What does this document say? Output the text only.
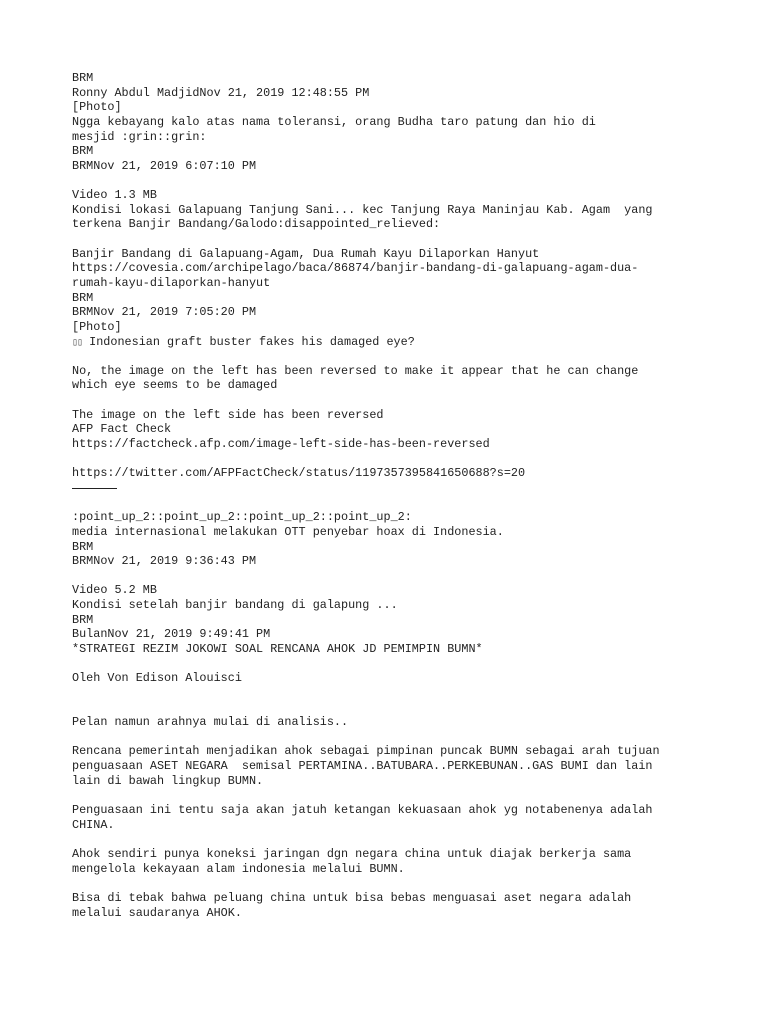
BRM
Ronny Abdul MadjidNov 21, 2019 12:48:55 PM
[Photo]
Ngga kebayang kalo atas nama toleransi, orang Budha taro patung dan hio di
mesjid :grin::grin:
BRM
BRMNov 21, 2019 6:07:10 PM
Video 1.3 MB
Kondisi lokasi Galapuang Tanjung Sani... kec Tanjung Raya Maninjau Kab. Agam  yang
terkena Banjir Bandang/Galodo:disappointed_relieved:
Banjir Bandang di Galapuang-Agam, Dua Rumah Kayu Dilaporkan Hanyut
https://covesia.com/archipelago/baca/86874/banjir-bandang-di-galapuang-agam-dua-
rumah-kayu-dilaporkan-hanyut
BRM
BRMNov 21, 2019 7:05:20 PM
[Photo]
▯▯ Indonesian graft buster fakes his damaged eye?
No, the image on the left has been reversed to make it appear that he can change
which eye seems to be damaged
The image on the left side has been reversed
AFP Fact Check
https://factcheck.afp.com/image-left-side-has-been-reversed
https://twitter.com/AFPFactCheck/status/1197357395841650688?s=20
:point_up_2::point_up_2::point_up_2::point_up_2:
media internasional melakukan OTT penyebar hoax di Indonesia.
BRM
BRMNov 21, 2019 9:36:43 PM
Video 5.2 MB
Kondisi setelah banjir bandang di galapung ...
BRM
BulanNov 21, 2019 9:49:41 PM
*STRATEGI REZIM JOKOWI SOAL RENCANA AHOK JD PEMIMPIN BUMN*
Oleh Von Edison Alouisci
Pelan namun arahnya mulai di analisis..
Rencana pemerintah menjadikan ahok sebagai pimpinan puncak BUMN sebagai arah tujuan
penguasaan ASET NEGARA  semisal PERTAMINA..BATUBARA..PERKEBUNAN..GAS BUMI dan lain
lain di bawah lingkup BUMN.
Penguasaan ini tentu saja akan jatuh ketangan kekuasaan ahok yg notabenenya adalah
CHINA.
Ahok sendiri punya koneksi jaringan dgn negara china untuk diajak berkerja sama
mengelola kekayaan alam indonesia melalui BUMN.
Bisa di tebak bahwa peluang china untuk bisa bebas menguasai aset negara adalah
melalui saudaranya AHOK.
